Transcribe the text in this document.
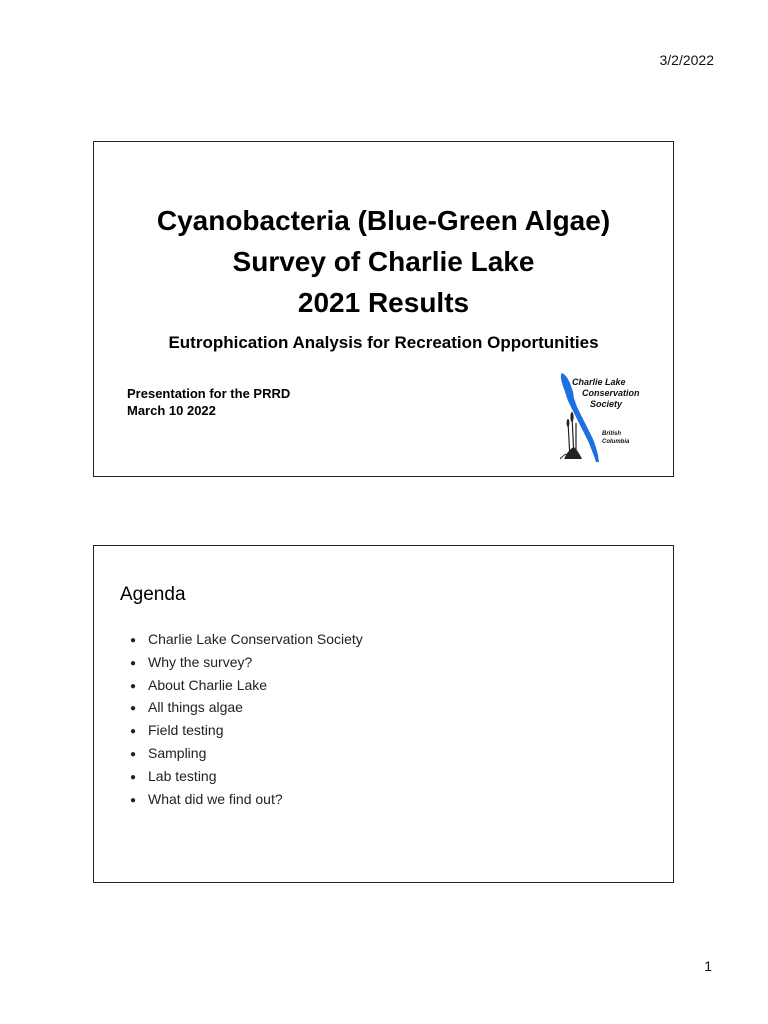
3/2/2022
Cyanobacteria (Blue-Green Algae)
Survey of Charlie Lake
2021 Results
Eutrophication Analysis for Recreation Opportunities
Presentation for the PRRD
March 10 2022
Charlie Lake Conservation Society
British Columbia
Agenda
● Charlie Lake Conservation Society
● Why the survey?
● About Charlie Lake
● All things algae
● Field testing
● Sampling
● Lab testing
● What did we find out?
1
